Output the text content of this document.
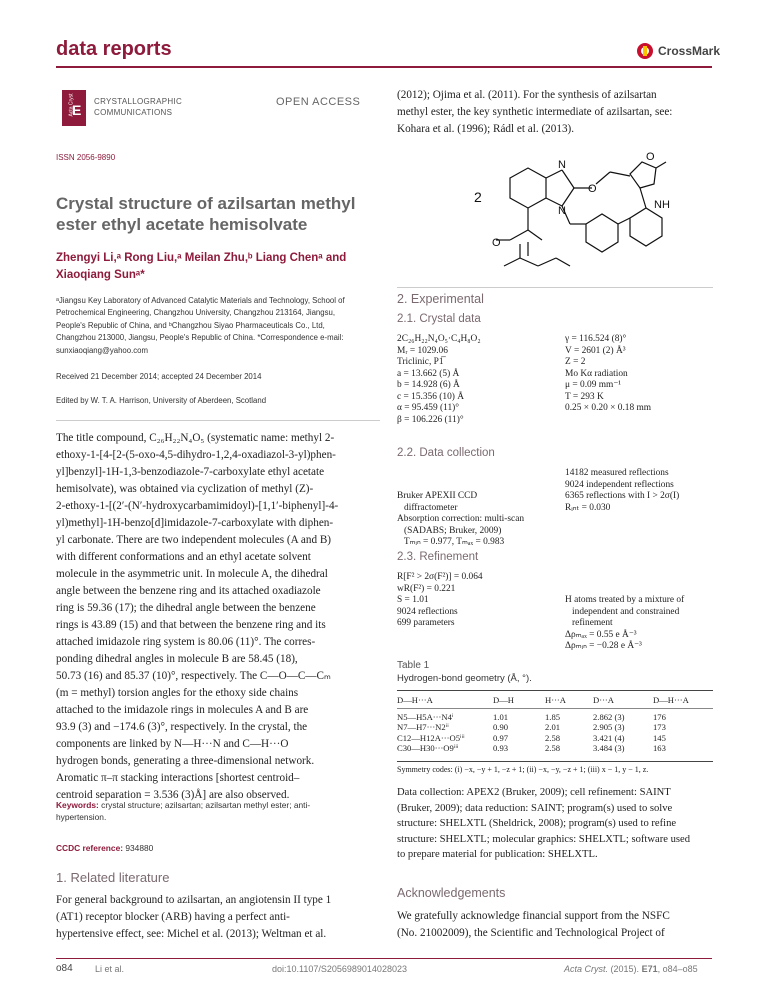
data reports	CrossMark
E
Acta Cryst CRYSTALLOGRAPHIC
COMMUNICATIONS
OPEN ACCESS
ISSN 2056-9890
Crystal structure of azilsartan methyl
ester ethyl acetate hemisolvate
Zhengyi Li,ᵃ Rong Liu,ᵃ Meilan Zhu,ᵇ Liang Chenᵃ and
Xiaoqiang Sunᵃ*
ᵃJiangsu Key Laboratory of Advanced Catalytic Materials and Technology, School of
Petrochemical Engineering, Changzhou University, Changzhou 213164, Jiangsu,
People's Republic of China, and ᵇChangzhou Siyao Pharmaceuticals Co., Ltd,
Changzhou 213000, Jiangsu, People's Republic of China. *Correspondence e-mail:
sunxiaoqiang@yahoo.com
Received 21 December 2014; accepted 24 December 2014
Edited by W. T. A. Harrison, University of Aberdeen, Scotland

The title compound, C₂₆H₂₂N₄O₅ (systematic name: methyl 2-

ethoxy-1-[4-[2-(5-oxo-4,5-dihydro-1,2,4-oxadiazol-3-yl)phen-

yl]benzyl]-1H-1,3-benzodiazole-7-carboxylate ethyl acetate

hemisolvate), was obtained via cyclization of methyl (Z)-

2-ethoxy-1-[(2′-(N′-hydroxycarbamimidoyl)-[1,1′-biphenyl]-4-

yl)methyl]-1H-benzo[d]imidazole-7-carboxylate with diphen-

yl carbonate. There are two independent molecules (A and B)

with different conformations and an ethyl acetate solvent

molecule in the asymmetric unit. In molecule A, the dihedral

angle between the benzene ring and its attached oxadiazole

ring is 59.36 (17); the dihedral angle between the benzene

rings is 43.89 (15) and that between the benzene ring and its

attached imidazole ring system is 80.06 (11)°. The corres-

ponding dihedral angles in molecule B are 58.45 (18),

50.73 (16) and 85.37 (10)°, respectively. The C—O—C—Cₘ

(m = methyl) torsion angles for the ethoxy side chains

attached to the imidazole rings in molecules A and B are

93.9 (3) and −174.6 (3)°, respectively. In the crystal, the

components are linked by N—H···N and C—H···O

hydrogen bonds, generating a three-dimensional network.

Aromatic π–π stacking interactions [shortest centroid–

centroid separation = 3.536 (3)Å] are also observed.

Keywords: crystal structure; azilsartan; azilsartan methyl ester; anti-
hypertension.
CCDC reference: 934880
1. Related literature

For general background to azilsartan, an angiotensin II type 1

(AT1) receptor blocker (ARB) having a perfect anti-

hypertensive effect, see: Michel et al. (2013); Weltman et al.

(2012); Ojima et al. (2011). For the synthesis of azilsartan

methyl ester, the key synthetic intermediate of azilsartan, see:

Kohara et al. (1996); Rádl et al. (2013).

N
N
O
O
NH
O
2
2. Experimental
2.1. Crystal data
2C₂₆H₂₂N₄O₅·C₄H₈O₂
Mᵣ = 1029.06
Triclinic, P1̅
a = 13.662 (5) Å
b = 14.928 (6) Å
c = 15.356 (10) Å
α = 95.459 (11)°
β = 106.226 (11)°
γ = 116.524 (8)°
V = 2601 (2) Å³
Z = 2
Mo Kα radiation
μ = 0.09 mm⁻¹
T = 293 K
0.25 × 0.20 × 0.18 mm
2.2. Data collection

Bruker APEXII CCD
diffractometer
Absorption correction: multi-scan
(SADABS; Bruker, 2009)
Tₘᵢₙ = 0.977, Tₘₐₓ = 0.983

14182 measured reflections
9024 independent reflections
6365 reflections with I > 2σ(I)
Rᵢₙₜ = 0.030
2.3. Refinement
R[F² > 2σ(F²)] = 0.064
wR(F²) = 0.221
S = 1.01
9024 reflections
699 parameters

H atoms treated by a mixture of
independent and constrained
refinement
Δρₘₐₓ = 0.55 e Å⁻³
Δρₘᵢₙ = −0.28 e Å⁻³

Table 1
Hydrogen-bond geometry (Å, °).
D—H···A	D—H	H···A	D···A	D—H···A
N5—H5A···N4ⁱ	1.01	1.85	2.862 (3)	176
N7—H7···N2ⁱⁱ	0.90	2.01	2.905 (3)	173
C12—H12A···O5ⁱⁱⁱ	0.97	2.58	3.421 (4)	145
C30—H30···O9ⁱⁱⁱ	0.93	2.58	3.484 (3)	163
Symmetry codes: (i) −x, −y + 1, −z + 1; (ii) −x, −y, −z + 1; (iii) x − 1, y − 1, z.

Data collection: APEX2 (Bruker, 2009); cell refinement: SAINT

(Bruker, 2009); data reduction: SAINT; program(s) used to solve

structure: SHELXTL (Sheldrick, 2008); program(s) used to refine

structure: SHELXTL; molecular graphics: SHELXTL; software used

to prepare material for publication: SHELXTL.

Acknowledgements

We gratefully acknowledge financial support from the NSFC

(No. 21002009), the Scientific and Technological Project of

o84 Li et al.	doi:10.1107/S2056989014028023	Acta Cryst. (2015). E71, o84–o85
